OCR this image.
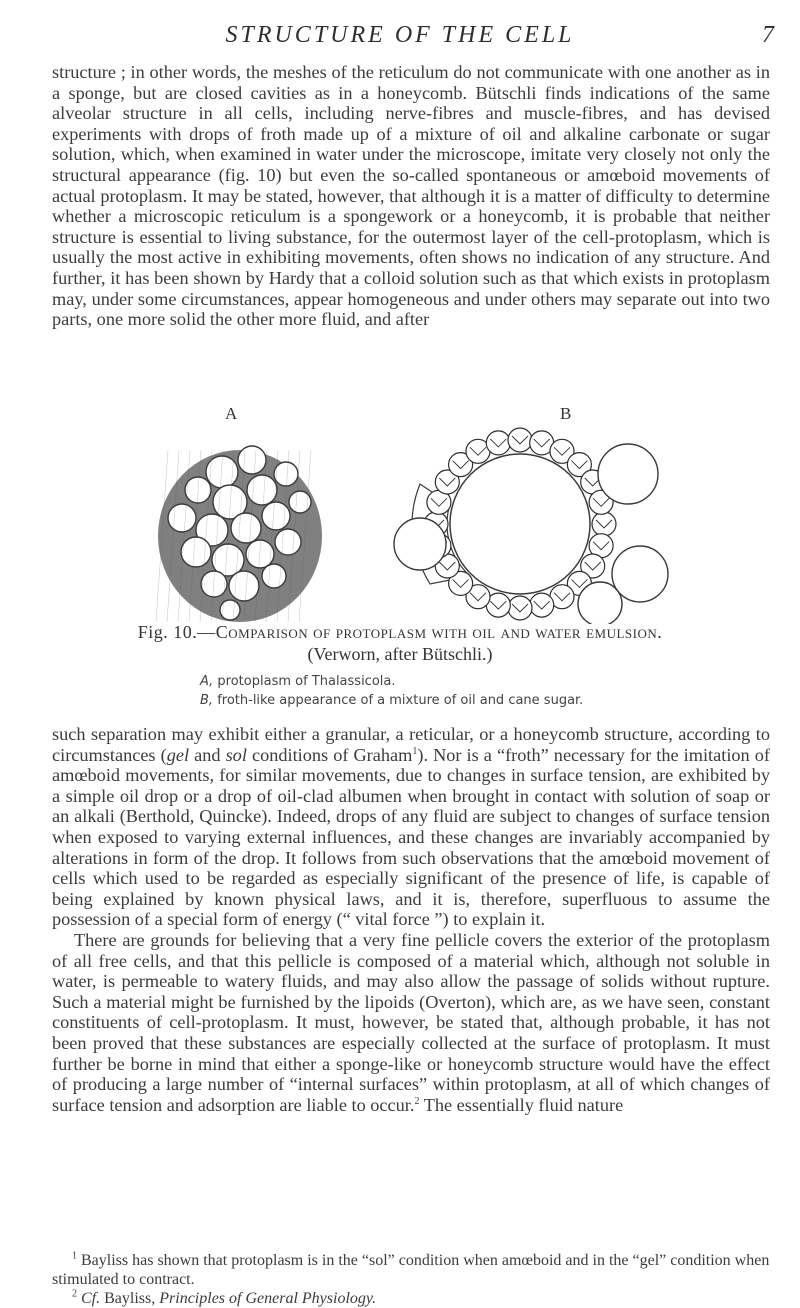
STRUCTURE OF THE CELL	7

structure ; in other words, the meshes of the reticulum do not communicate with one another as in a sponge, but are closed cavities as in a honeycomb. Bütschli finds indications of the same alveolar structure in all cells, including nerve-fibres and muscle-fibres, and has devised experiments with drops of froth made up of a mixture of oil and alkaline carbonate or sugar solution, which, when examined in water under the microscope, imitate very closely not only the structural appearance (fig. 10) but even the so-called spontaneous or amœboid movements of actual protoplasm. It may be stated, however, that although it is a matter of difficulty to determine whether a microscopic reticulum is a spongework or a honeycomb, it is probable that neither structure is essential to living substance, for the outermost layer of the cell-protoplasm, which is usually the most active in exhibiting movements, often shows no indication of any structure. And further, it has been shown by Hardy that a colloid solution such as that which exists in protoplasm may, under some circumstances, appear homogeneous and under others may separate out into two parts, one more solid the other more fluid, and after

A	B
Fig. 10.—Comparison of protoplasm with oil and water emulsion.
(Verworn, after Bütschli.)
A, protoplasm of Thalassicola.
B, froth-like appearance of a mixture of oil and cane sugar.

such separation may exhibit either a granular, a reticular, or a honeycomb structure, according to circumstances (gel and sol conditions of Graham$^1$). Nor is a “froth” necessary for the imitation of amœboid movements, for similar movements, due to changes in surface tension, are exhibited by a simple oil drop or a drop of oil-clad albumen when brought in contact with solution of soap or an alkali (Berthold, Quincke). Indeed, drops of any fluid are subject to changes of surface tension when exposed to varying external influences, and these changes are invariably accompanied by alterations in form of the drop. It follows from such observations that the amœboid movement of cells which used to be regarded as especially significant of the presence of life, is capable of being explained by known physical laws, and it is, therefore, superfluous to assume the possession of a special form of energy (“ vital force ”) to explain it.

There are grounds for believing that a very fine pellicle covers the exterior of the protoplasm of all free cells, and that this pellicle is composed of a material which, although not soluble in water, is permeable to watery fluids, and may also allow the passage of solids without rupture. Such a material might be furnished by the lipoids (Overton), which are, as we have seen, constant constituents of cell-protoplasm. It must, however, be stated that, although probable, it has not been proved that these substances are especially collected at the surface of protoplasm. It must further be borne in mind that either a sponge-like or honeycomb structure would have the effect of producing a large number of “internal surfaces” within protoplasm, at all of which changes of surface tension and adsorption are liable to occur.$^2$ The essentially fluid nature

$^1$ Bayliss has shown that protoplasm is in the “sol” condition when amœboid and in the “gel” condition when stimulated to contract.

$^2$ Cf. Bayliss, Principles of General Physiology.
